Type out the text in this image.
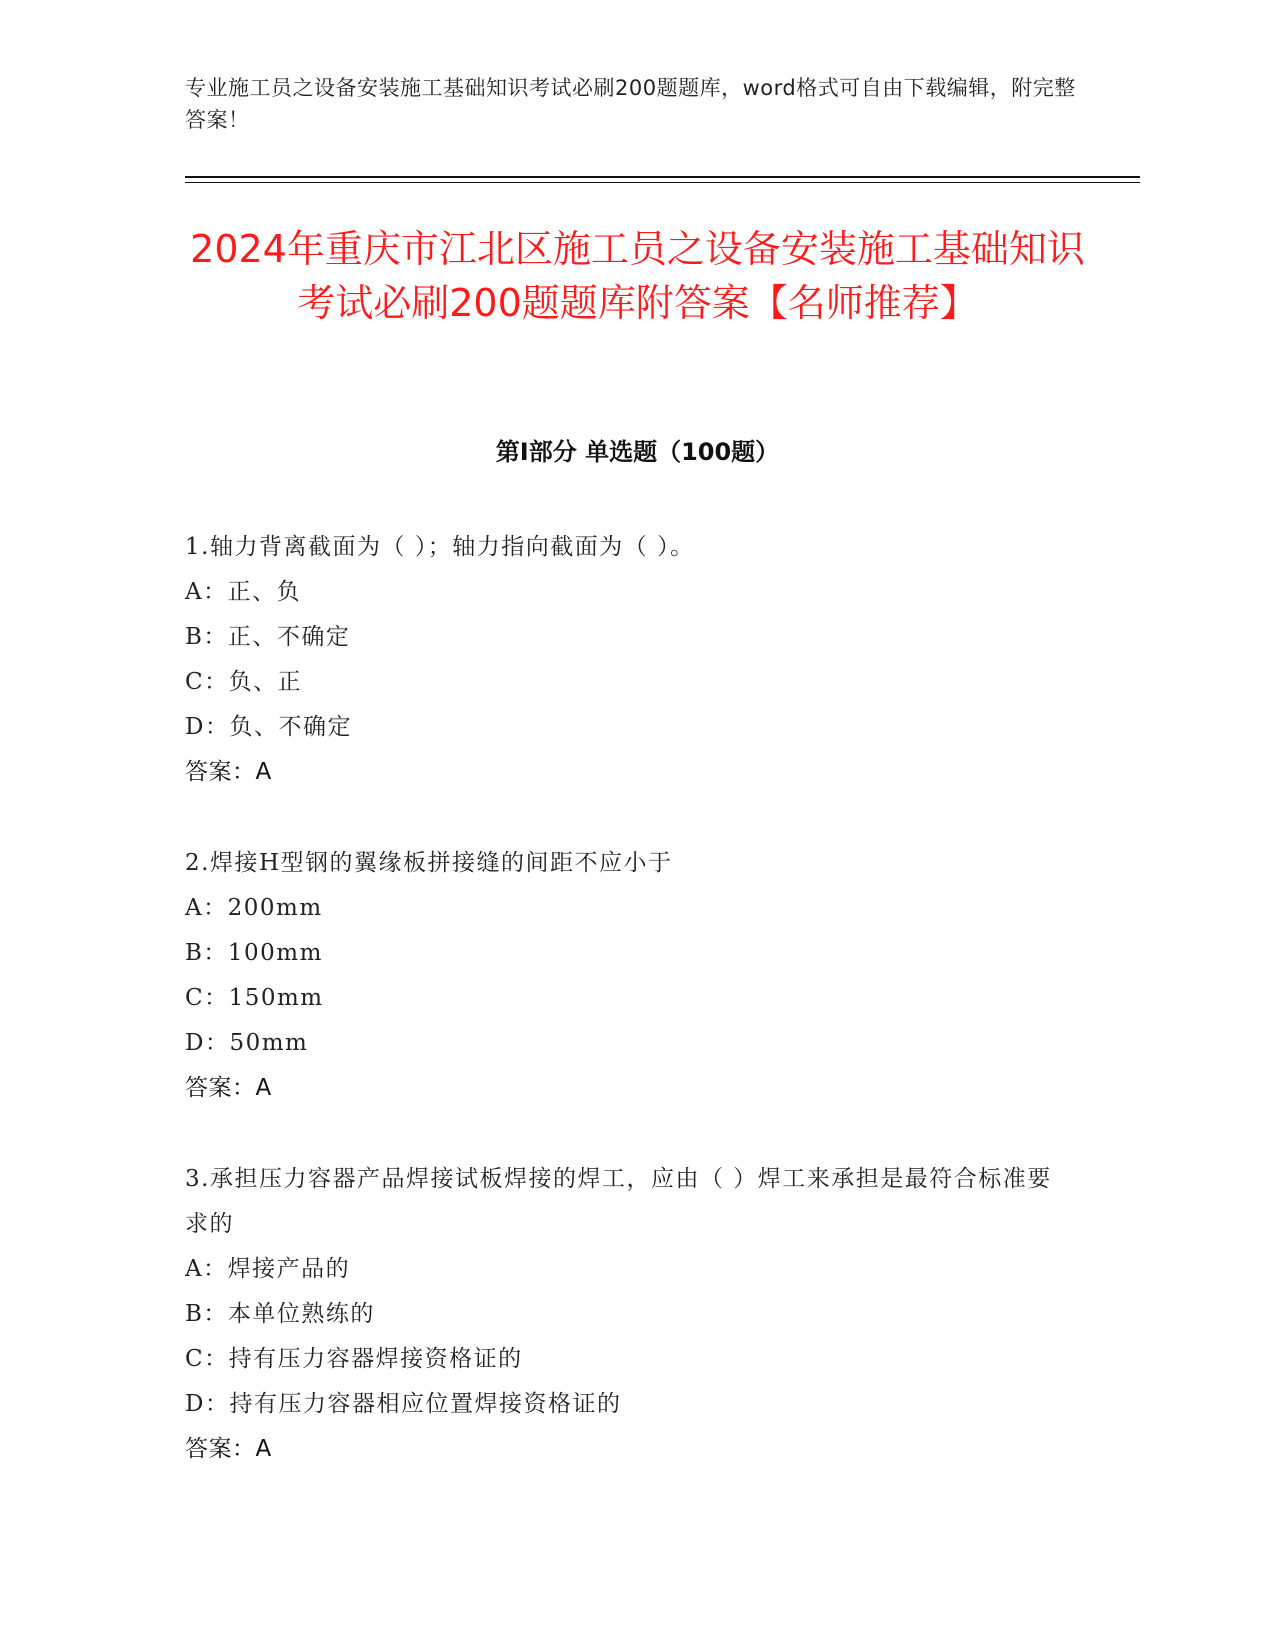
专业施工员之设备安装施工基础知识考试必刷200题题库，word格式可自由下载编辑，附完整答案！
2024年重庆市江北区施工员之设备安装施工基础知识考试必刷200题题库附答案【名师推荐】
第I部分 单选题（100题）

1.轴力背离截面为（ ）；轴力指向截面为（ ）。

A：正、负

B：正、不确定

C：负、正

D：负、不确定

答案：A

2.焊接H型钢的翼缘板拼接缝的间距不应小于

A：200mm

B：100mm

C：150mm

D：50mm

答案：A

3.承担压力容器产品焊接试板焊接的焊工，应由（ ）焊工来承担是最符合标准要求的

A：焊接产品的

B：本单位熟练的

C：持有压力容器焊接资格证的

D：持有压力容器相应位置焊接资格证的

答案：A
